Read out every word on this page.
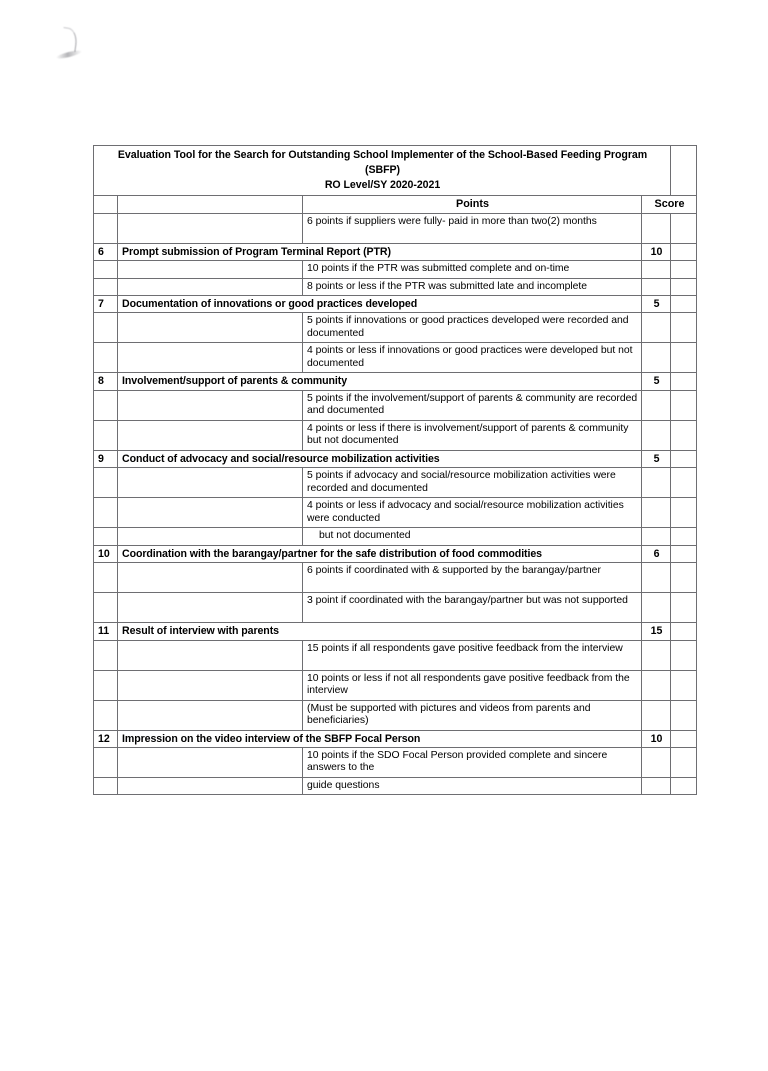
Evaluation Tool for the Search for Outstanding School Implementer of the School-Based Feeding Program
(SBFP)
RO Level/SY 2020-2021				

		Points	Score	
		6 points if suppliers were fully- paid in more than two(2) months		
6	Prompt submission of Program Terminal Report (PTR)		10	
		10 points if the PTR was submitted complete and on-time		
		8 points or less if the PTR was submitted late and incomplete		
7	Documentation of innovations or good practices developed		5	
		5 points if innovations or good practices developed were recorded and documented		
		4 points or less if innovations or good practices were developed but not documented		
8	Involvement/support of parents & community		5	
		5 points if the involvement/support of parents & community are recorded and documented		
		4 points or less if there is involvement/support of parents & community but not documented		
9	Conduct of advocacy and social/resource mobilization activities		5	
		5 points if advocacy and social/resource mobilization activities were recorded and documented		
		4 points or less if advocacy and social/resource mobilization activities were conducted		
		but not documented		
10	Coordination with the barangay/partner for the safe distribution of food commodities		6	
		6 points if coordinated with & supported by the barangay/partner		
		3 point if coordinated with the barangay/partner but was not supported		
11	Result of interview with parents		15	
		15 points if all respondents gave positive feedback from the interview		
		10 points or less if not all respondents gave positive feedback from the interview		
		(Must be supported with pictures and videos from parents and beneficiaries)		
12	Impression on the video interview of the SBFP Focal Person		10	
		10 points if the SDO Focal Person provided complete and sincere answers to the		
		guide questions		
